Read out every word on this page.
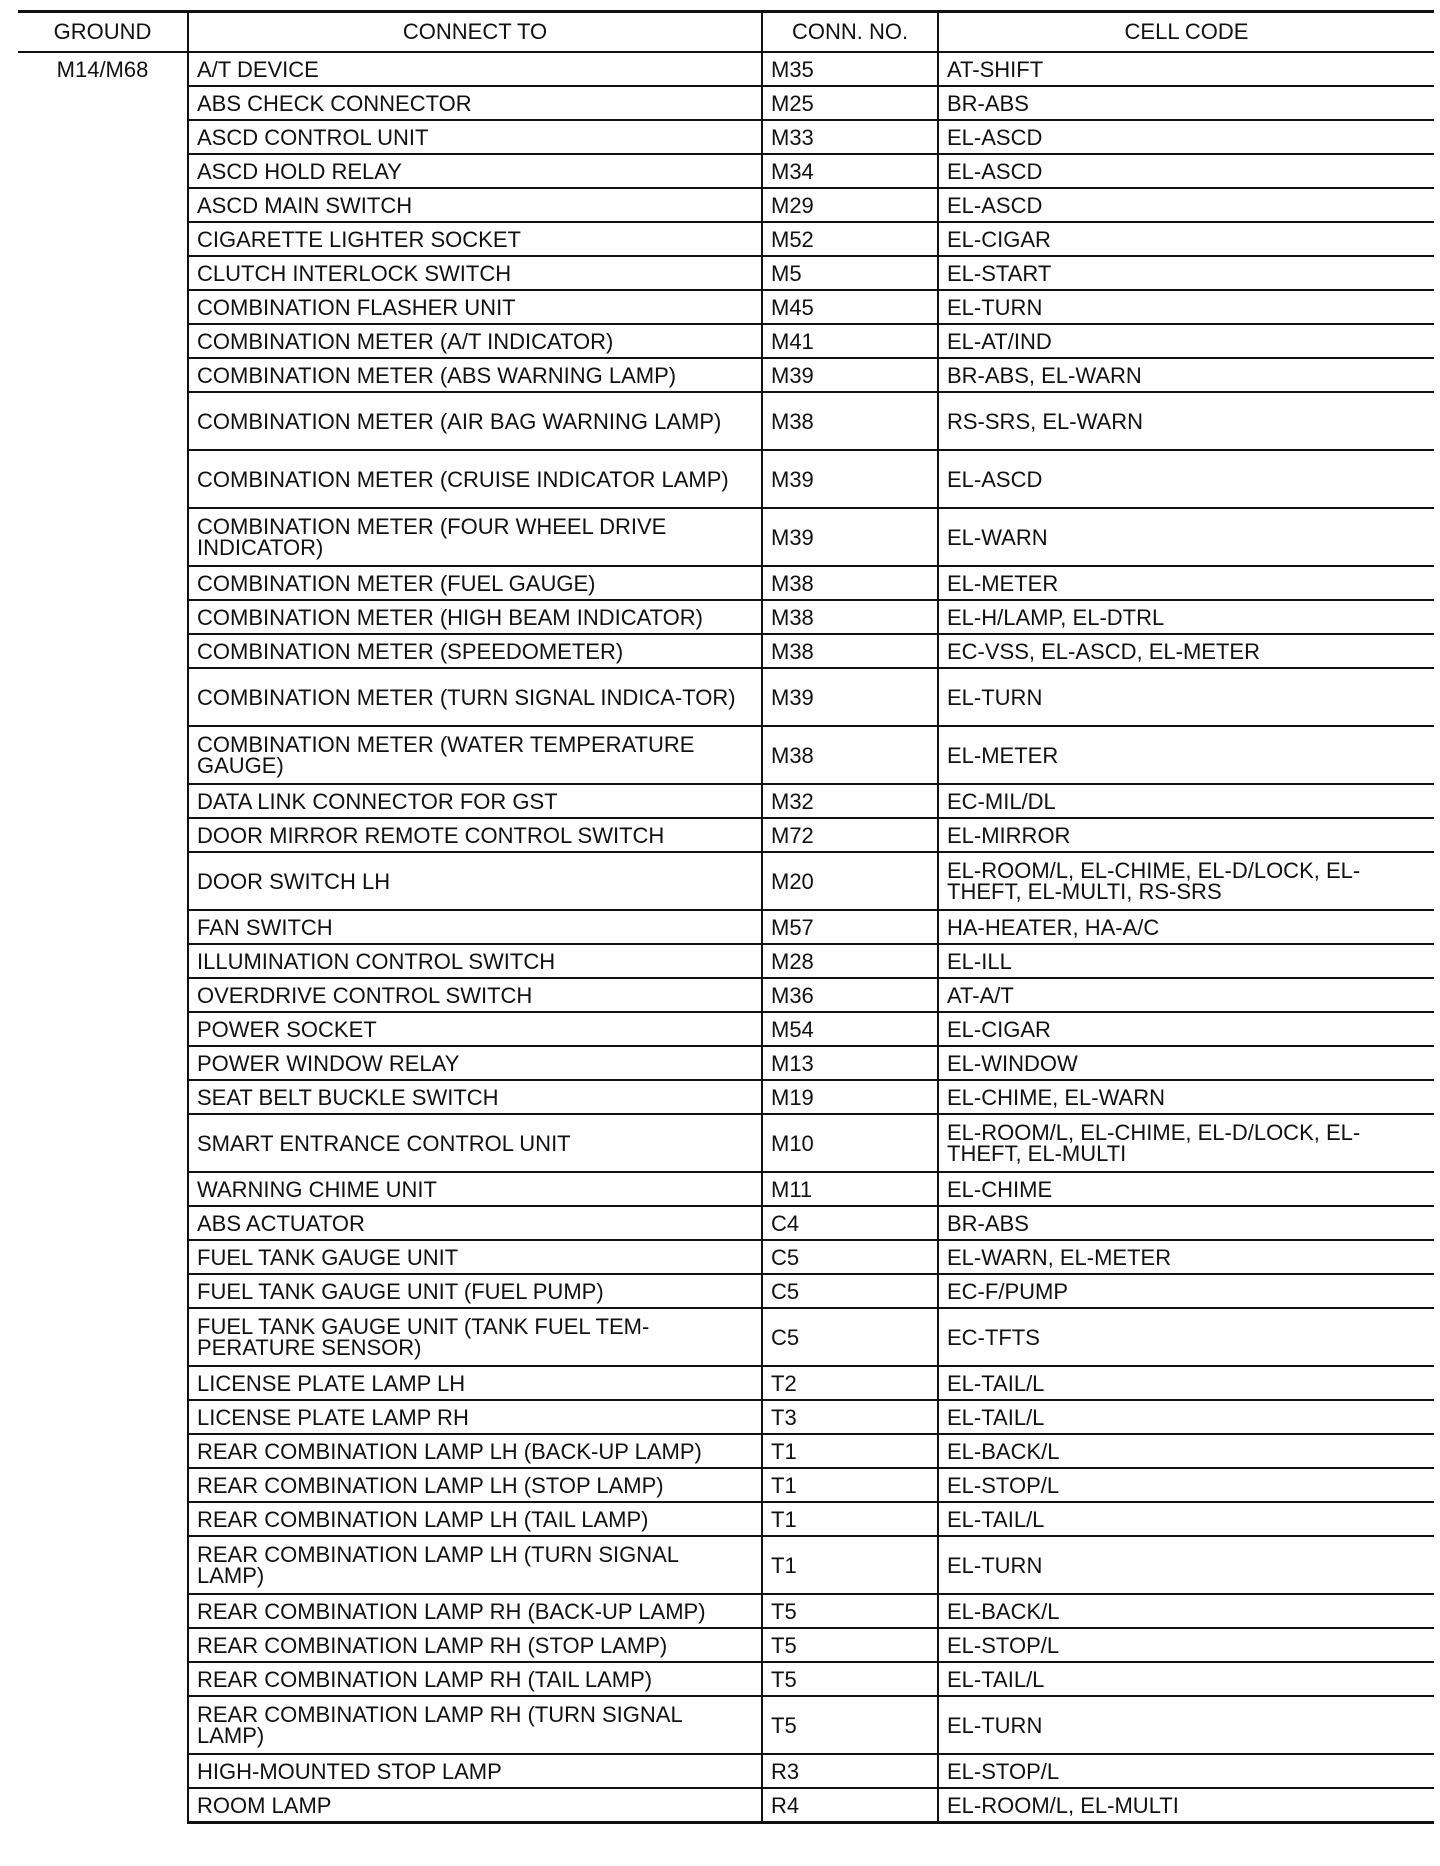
GROUND	CONNECT TO	CONN. NO.	CELL CODE
M14/M68	A/T DEVICE	M35	AT-SHIFT
	ABS CHECK CONNECTOR	M25	BR-ABS
	ASCD CONTROL UNIT	M33	EL-ASCD
	ASCD HOLD RELAY	M34	EL-ASCD
	ASCD MAIN SWITCH	M29	EL-ASCD
	CIGARETTE LIGHTER SOCKET	M52	EL-CIGAR
	CLUTCH INTERLOCK SWITCH	M5	EL-START
	COMBINATION FLASHER UNIT	M45	EL-TURN
	COMBINATION METER (A/T INDICATOR)	M41	EL-AT/IND
	COMBINATION METER (ABS WARNING LAMP)	M39	BR-ABS, EL-WARN
	COMBINATION METER (AIR BAG WARNING LAMP)	M38	RS-SRS, EL-WARN
	COMBINATION METER (CRUISE INDICATOR LAMP)	M39	EL-ASCD
	COMBINATION METER (FOUR WHEEL DRIVE INDICATOR)	M39	EL-WARN
	COMBINATION METER (FUEL GAUGE)	M38	EL-METER
	COMBINATION METER (HIGH BEAM INDICATOR)	M38	EL-H/LAMP, EL-DTRL
	COMBINATION METER (SPEEDOMETER)	M38	EC-VSS, EL-ASCD, EL-METER
	COMBINATION METER (TURN SIGNAL INDICA-TOR)	M39	EL-TURN
	COMBINATION METER (WATER TEMPERATURE GAUGE)	M38	EL-METER
	DATA LINK CONNECTOR FOR GST	M32	EC-MIL/DL
	DOOR MIRROR REMOTE CONTROL SWITCH	M72	EL-MIRROR
	DOOR SWITCH LH	M20	EL-ROOM/L, EL-CHIME, EL-D/LOCK, EL-THEFT, EL-MULTI, RS-SRS
	FAN SWITCH	M57	HA-HEATER, HA-A/C
	ILLUMINATION CONTROL SWITCH	M28	EL-ILL
	OVERDRIVE CONTROL SWITCH	M36	AT-A/T
	POWER SOCKET	M54	EL-CIGAR
	POWER WINDOW RELAY	M13	EL-WINDOW
	SEAT BELT BUCKLE SWITCH	M19	EL-CHIME, EL-WARN
	SMART ENTRANCE CONTROL UNIT	M10	EL-ROOM/L, EL-CHIME, EL-D/LOCK, EL-THEFT, EL-MULTI
	WARNING CHIME UNIT	M11	EL-CHIME
	ABS ACTUATOR	C4	BR-ABS
	FUEL TANK GAUGE UNIT	C5	EL-WARN, EL-METER
	FUEL TANK GAUGE UNIT (FUEL PUMP)	C5	EC-F/PUMP
	FUEL TANK GAUGE UNIT (TANK FUEL TEM-PERATURE SENSOR)	C5	EC-TFTS
	LICENSE PLATE LAMP LH	T2	EL-TAIL/L
	LICENSE PLATE LAMP RH	T3	EL-TAIL/L
	REAR COMBINATION LAMP LH (BACK-UP LAMP)	T1	EL-BACK/L
	REAR COMBINATION LAMP LH (STOP LAMP)	T1	EL-STOP/L
	REAR COMBINATION LAMP LH (TAIL LAMP)	T1	EL-TAIL/L
	REAR COMBINATION LAMP LH (TURN SIGNAL LAMP)	T1	EL-TURN
	REAR COMBINATION LAMP RH (BACK-UP LAMP)	T5	EL-BACK/L
	REAR COMBINATION LAMP RH (STOP LAMP)	T5	EL-STOP/L
	REAR COMBINATION LAMP RH (TAIL LAMP)	T5	EL-TAIL/L
	REAR COMBINATION LAMP RH (TURN SIGNAL LAMP)	T5	EL-TURN
	HIGH-MOUNTED STOP LAMP	R3	EL-STOP/L
	ROOM LAMP	R4	EL-ROOM/L, EL-MULTI
